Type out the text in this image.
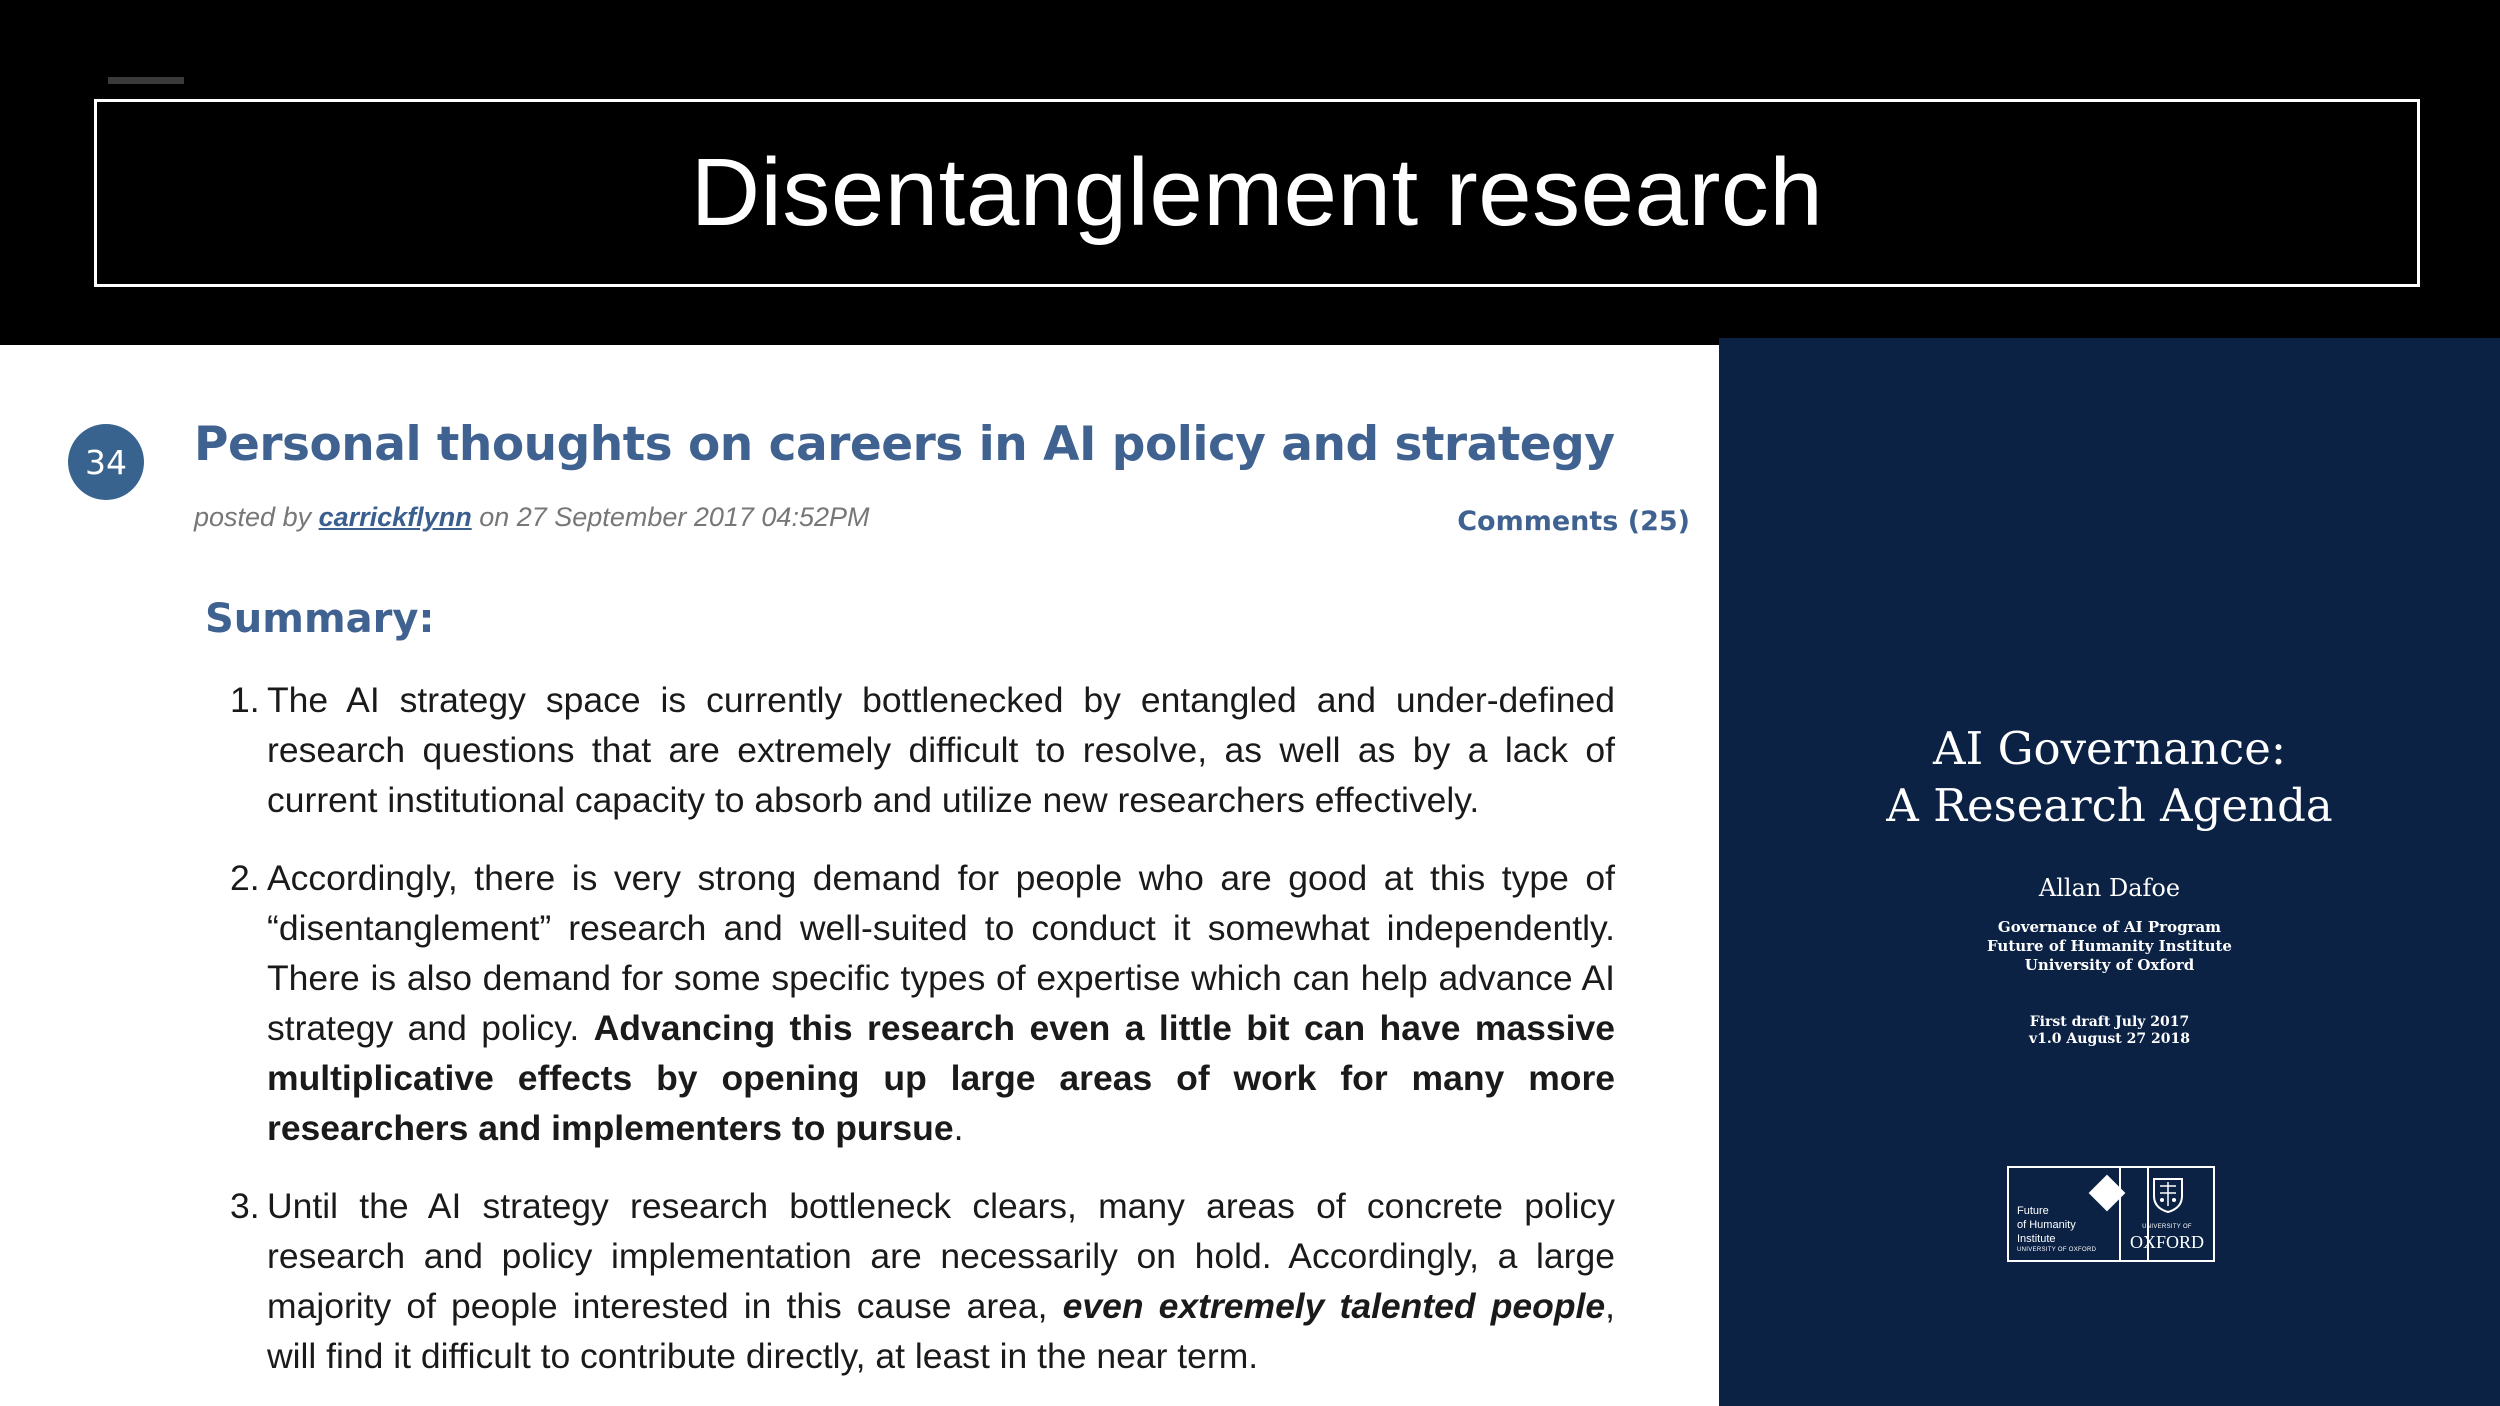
Disentanglement research
34	Personal thoughts on careers in AI policy and strategy
posted by carrickflynn on 27 September 2017 04:52PM	Comments (25)
Summary:
1. The AI strategy space is currently bottlenecked by entangled and under-defined research questions that are extremely difficult to resolve, as well as by a lack of current institutional capacity to absorb and utilize new researchers effectively.
2. Accordingly, there is very strong demand for people who are good at this type of “disentanglement” research and well-suited to conduct it somewhat independently. There is also demand for some specific types of expertise which can help advance AI strategy and policy. Advancing this research even a little bit can have massive multiplicative effects by opening up large areas of work for many more researchers and implementers to pursue.
3. Until the AI strategy research bottleneck clears, many areas of concrete policy research and policy implementation are necessarily on hold. Accordingly, a large majority of people interested in this cause area, even extremely talented people, will find it difficult to contribute directly, at least in the near term.
AI Governance:
A Research Agenda
Allan Dafoe
Governance of AI Program
Future of Humanity Institute
University of Oxford
First draft July 2017
v1.0 August 27 2018
Future
of Humanity
Institute
UNIVERSITY OF OXFORD
UNIVERSITY OF
OXFORD
